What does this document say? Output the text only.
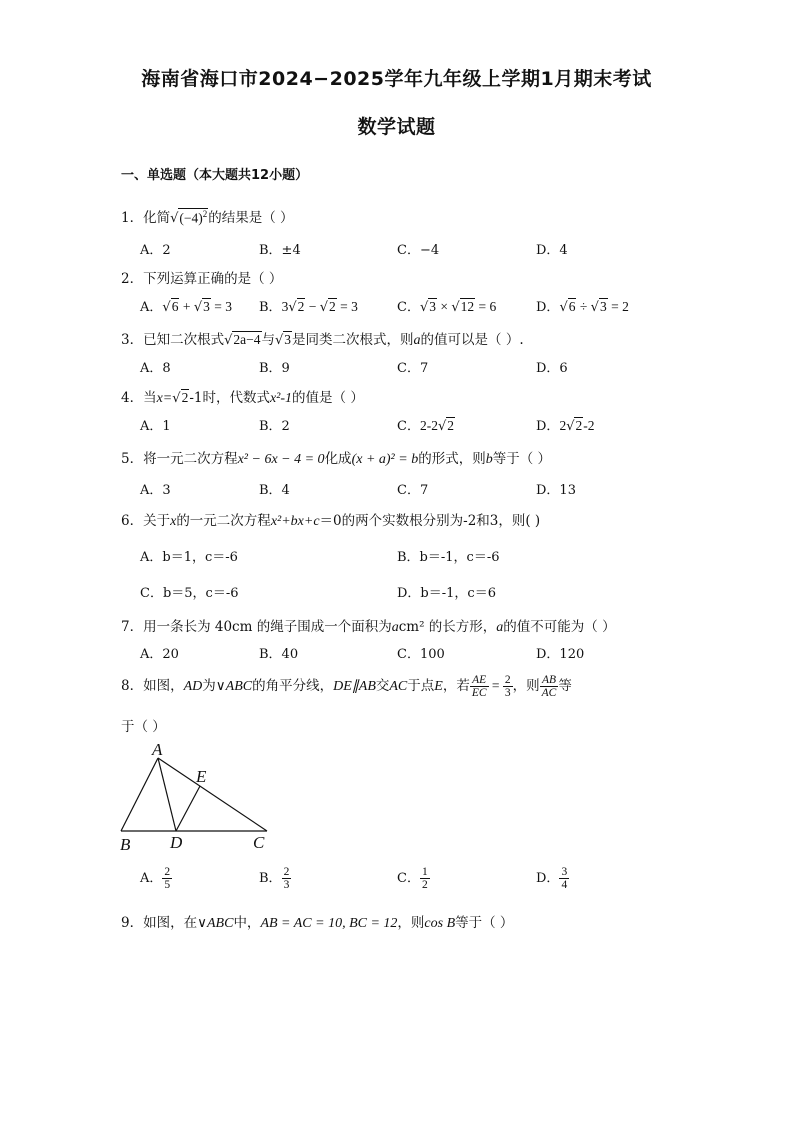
海南省海口市2024−2025学年九年级上学期1月期末考试
数学试题
一、单选题（本大题共12小题）
1．化简$√(-4)^2$的结果是（ ）
A．2	B．±4	C．−4	D．4
2．下列运算正确的是（ ）
A．√6 + √3 = 3 B．3√2 − √2 = 3	C．√3 × √12 = 6	D．√6 ÷ √3 = 2
3．已知二次根式√2a−4与√3是同类二次根式，则a的值可以是（ ）.
A．8	B．9	C．7	D．6
4．当x=√2-1时，代数式x²-1的值是（ ）
A．1	B．2	C．2-2√2	D．2√2-2
5．将一元二次方程x² − 6x − 4 = 0化成(x + a)² = b的形式，则b等于（ ）
A．3	B．4	C．7	D．13
6．关于x的一元二次方程x²+bx+c＝0的两个实数根分别为-2和3，则( )
A．b＝1，c＝-6	B．b＝-1，c＝-6
C．b＝5，c＝-6	D．b＝-1，c＝6
7．用一条长为 40cm 的绳子围成一个面积为acm² 的长方形，a的值不可能为（ ）
A．20	B．40	C．100	D．120
8．如图，AD为∨ABC的角平分线，DE∥AB交AC于点E，若 $\frac{AE}{EC} = \frac{2}{3}$ ，则 $\frac{AB}{AC}$ 等
于（ ）
A
E
B D	C
A． $\frac{2}{5}$	B． $\frac{2}{3}$	C． $\frac{1}{2}$	D． $\frac{3}{4}$
9．如图，在∨ABC中，AB = AC = 10, BC = 12，则cos B等于（ ）
